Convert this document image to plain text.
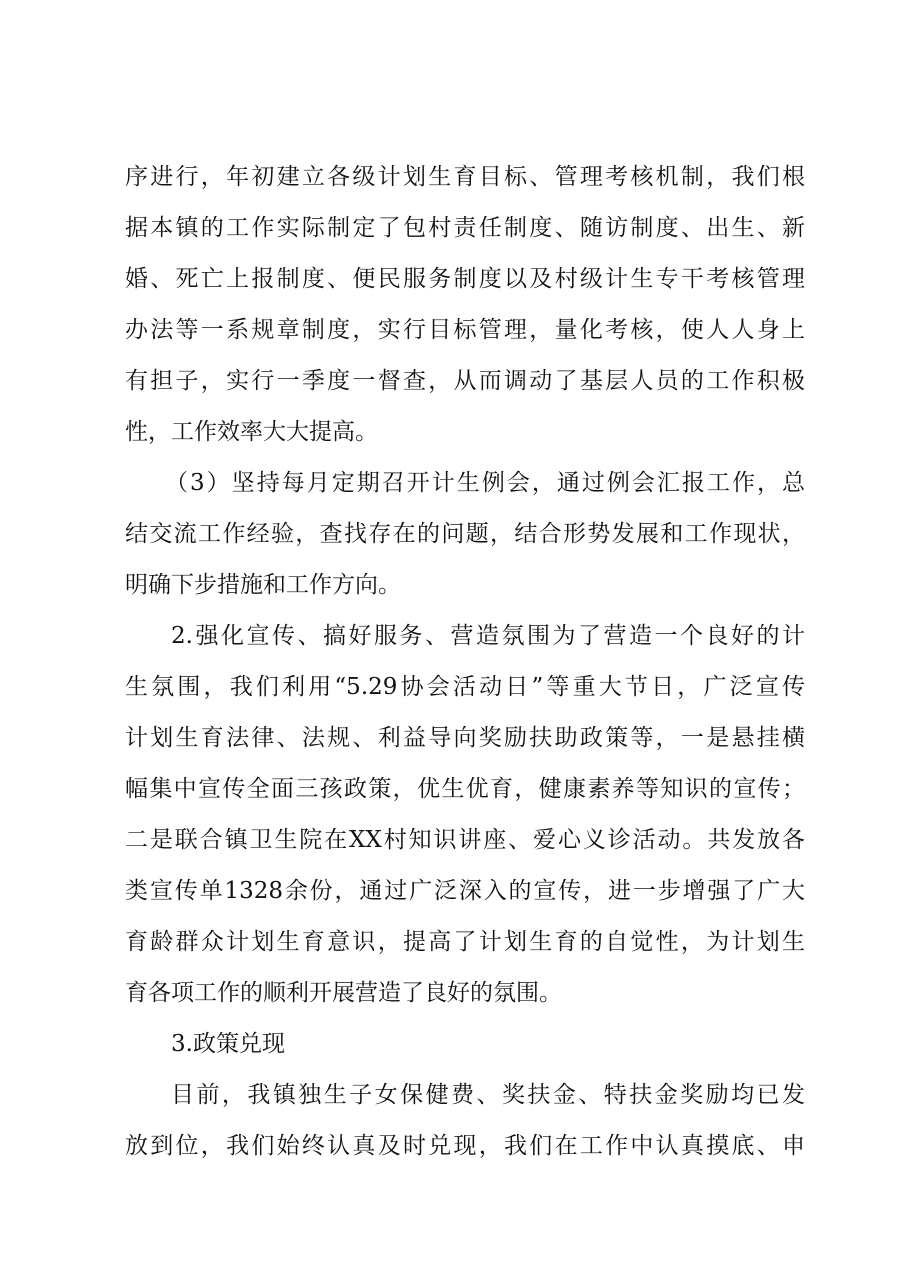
序进行，年初建立各级计划生育目标、管理考核机制，我们根
据本镇的工作实际制定了包村责任制度、随访制度、出生、新
婚、死亡上报制度、便民服务制度以及村级计生专干考核管理
办法等一系规章制度，实行目标管理，量化考核，使人人身上
有担子，实行一季度一督查，从而调动了基层人员的工作积极
性，工作效率大大提高。
（3）坚持每月定期召开计生例会，通过例会汇报工作，总
结交流工作经验，查找存在的问题，结合形势发展和工作现状，
明确下步措施和工作方向。
2.强化宣传、搞好服务、营造氛围为了营造一个良好的计
生氛围，我们利用“5.29协会活动日”等重大节日，广泛宣传
计划生育法律、法规、利益导向奖励扶助政策等，一是悬挂横
幅集中宣传全面三孩政策，优生优育，健康素养等知识的宣传；
二是联合镇卫生院在XX村知识讲座、爱心义诊活动。共发放各
类宣传单1328余份，通过广泛深入的宣传，进一步增强了广大
育龄群众计划生育意识，提高了计划生育的自觉性，为计划生
育各项工作的顺利开展营造了良好的氛围。
3.政策兑现
目前，我镇独生子女保健费、奖扶金、特扶金奖励均已发
放到位，我们始终认真及时兑现，我们在工作中认真摸底、申
